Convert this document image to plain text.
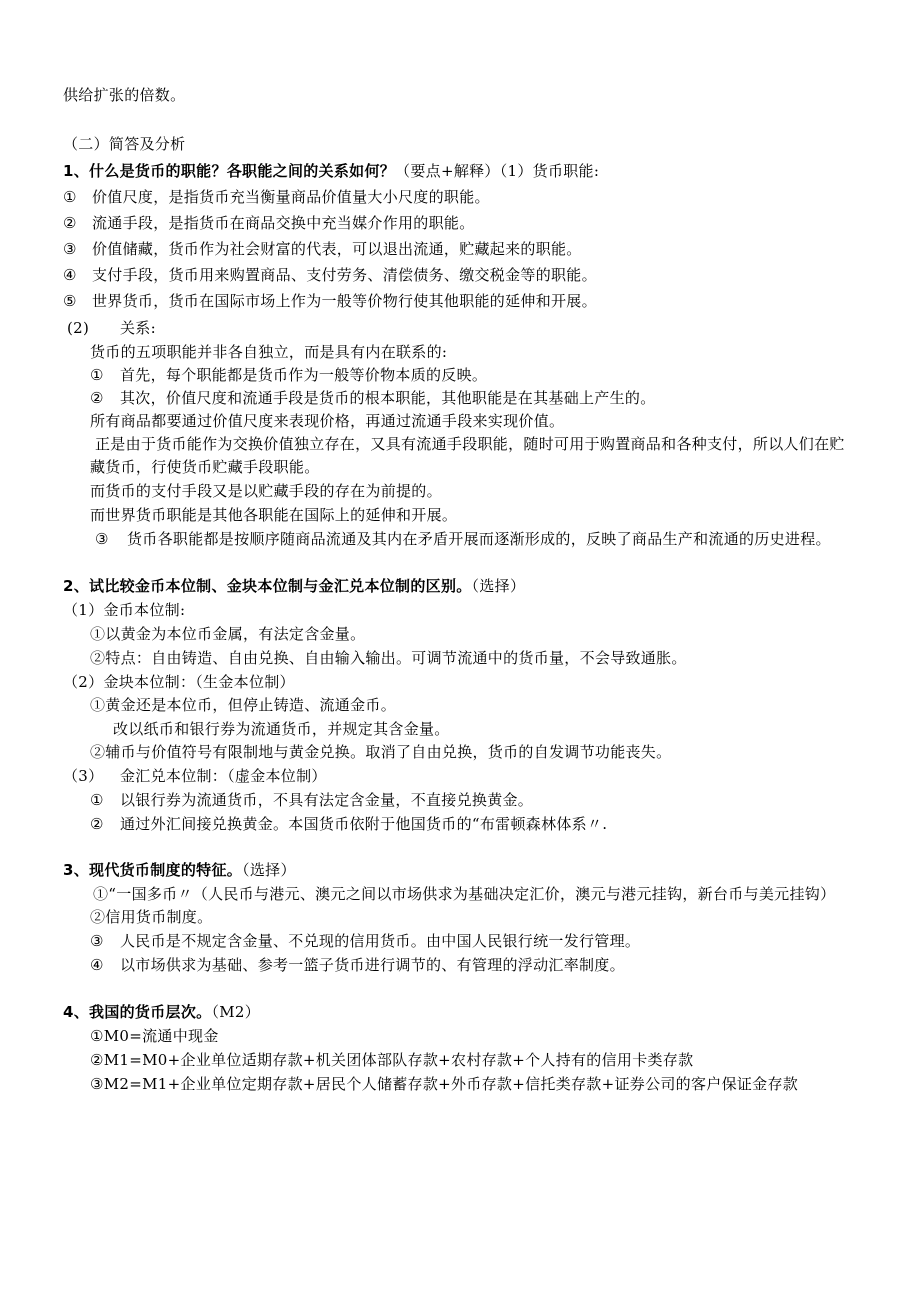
供给扩张的倍数。
（二）简答及分析
1、什么是货币的职能？各职能之间的关系如何？（要点+解释）（1）货币职能:
① 价值尺度，是指货币充当衡量商品价值量大小尺度的职能。
② 流通手段，是指货币在商品交换中充当媒介作用的职能。
③ 价值储藏，货币作为社会财富的代表，可以退出流通，贮藏起来的职能。
④ 支付手段，货币用来购置商品、支付劳务、清偿债务、缴交税金等的职能。
⑤ 世界货币，货币在国际市场上作为一般等价物行使其他职能的延伸和开展。
(2) 关系:
货币的五项职能并非各自独立，而是具有内在联系的:
① 首先，每个职能都是货币作为一般等价物本质的反映。
② 其次，价值尺度和流通手段是货币的根本职能，其他职能是在其基础上产生的。
所有商品都要通过价值尺度来表现价格，再通过流通手段来实现价值。
正是由于货币能作为交换价值独立存在，又具有流通手段职能，随时可用于购置商品和各种支付，所以人们在贮
藏货币，行使货币贮藏手段职能。
而货币的支付手段又是以贮藏手段的存在为前提的。
而世界货币职能是其他各职能在国际上的延伸和开展。
③ 货币各职能都是按顺序随商品流通及其内在矛盾开展而逐渐形成的，反映了商品生产和流通的历史进程。
2、试比较金币本位制、金块本位制与金汇兑本位制的区别。（选择）
（1）金币本位制:
①以黄金为本位币金属，有法定含金量。
②特点：自由铸造、自由兑换、自由输入输出。可调节流通中的货币量，不会导致通胀。
（2）金块本位制：（生金本位制）
①黄金还是本位币，但停止铸造、流通金币。
改以纸币和银行券为流通货币，并规定其含金量。
②辅币与价值符号有限制地与黄金兑换。取消了自由兑换，货币的自发调节功能丧失。
（3） 金汇兑本位制：（虚金本位制）
① 以银行券为流通货币，不具有法定含金量，不直接兑换黄金。
② 通过外汇间接兑换黄金。本国货币依附于他国货币的“布雷顿森林体系〃.
3、现代货币制度的特征。（选择）
①“一国多币〃（人民币与港元、澳元之间以市场供求为基础决定汇价，澳元与港元挂钩，新台币与美元挂钩）
②信用货币制度。
③ 人民币是不规定含金量、不兑现的信用货币。由中国人民银行统一发行管理。
④ 以市场供求为基础、参考一篮子货币进行调节的、有管理的浮动汇率制度。
4、我国的货币层次。（M2）
①M0=流通中现金
②M1=M0+企业单位适期存款+机关团体部队存款+农村存款+个人持有的信用卡类存款
③M2=M1+企业单位定期存款+居民个人储蓄存款+外币存款+信托类存款+证券公司的客户保证金存款
